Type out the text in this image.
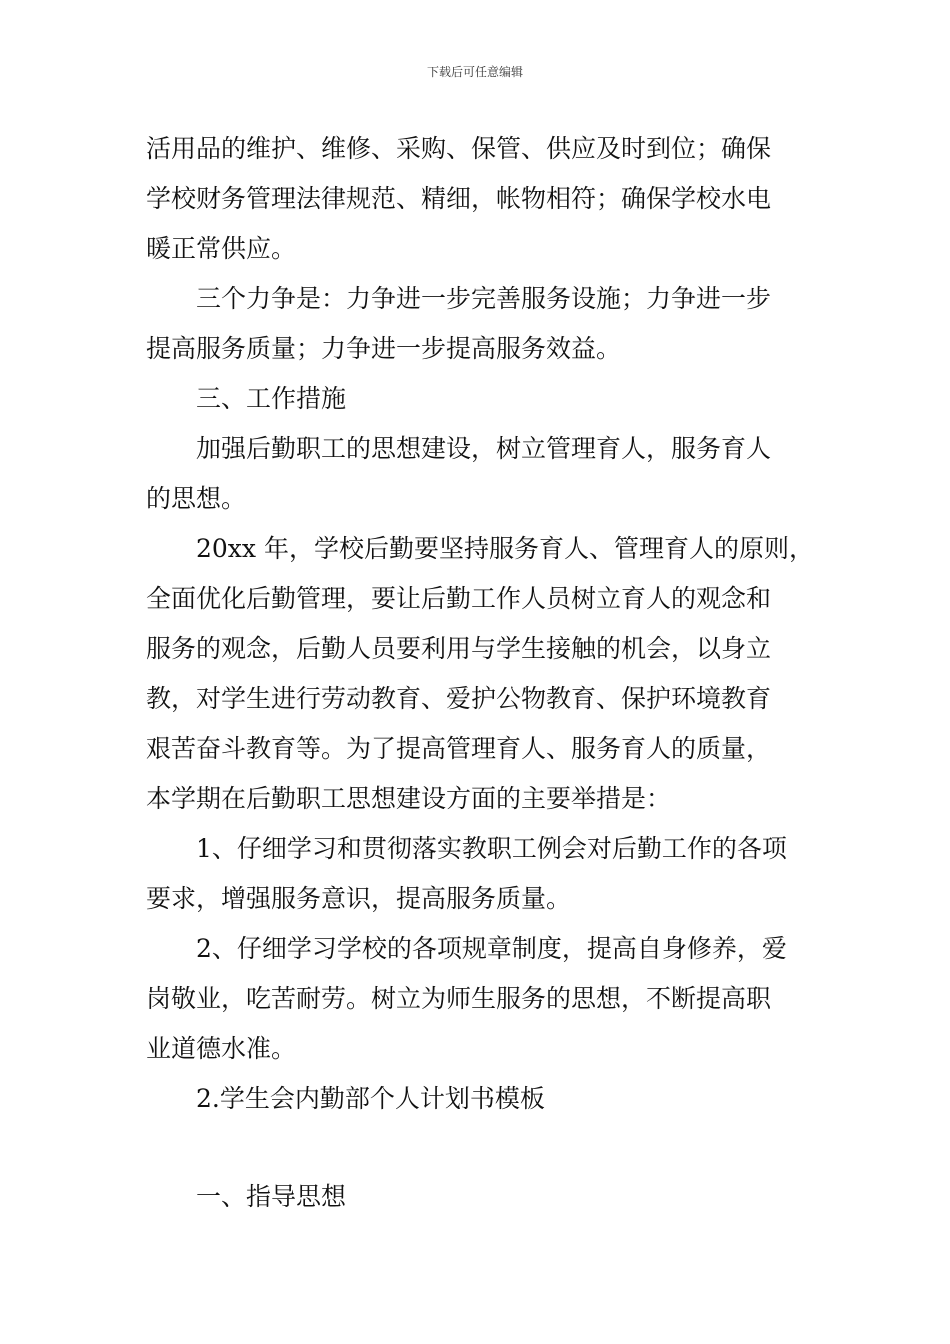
下载后可任意编辑
活用品的维护、维修、采购、保管、供应及时到位；确保
学校财务管理法律规范、精细，帐物相符；确保学校水电
暖正常供应。
三个力争是：力争进一步完善服务设施；力争进一步
提高服务质量；力争进一步提高服务效益。
三、工作措施
加强后勤职工的思想建设，树立管理育人，服务育人
的思想。
20xx 年，学校后勤要坚持服务育人、管理育人的原则，
全面优化后勤管理，要让后勤工作人员树立育人的观念和
服务的观念，后勤人员要利用与学生接触的机会，以身立
教，对学生进行劳动教育、爱护公物教育、保护环境教育
艰苦奋斗教育等。为了提高管理育人、服务育人的质量，
本学期在后勤职工思想建设方面的主要举措是：
1、仔细学习和贯彻落实教职工例会对后勤工作的各项
要求，增强服务意识，提高服务质量。
2、仔细学习学校的各项规章制度，提高自身修养，爱
岗敬业，吃苦耐劳。树立为师生服务的思想，不断提高职
业道德水准。
2.学生会内勤部个人计划书模板
一、指导思想
